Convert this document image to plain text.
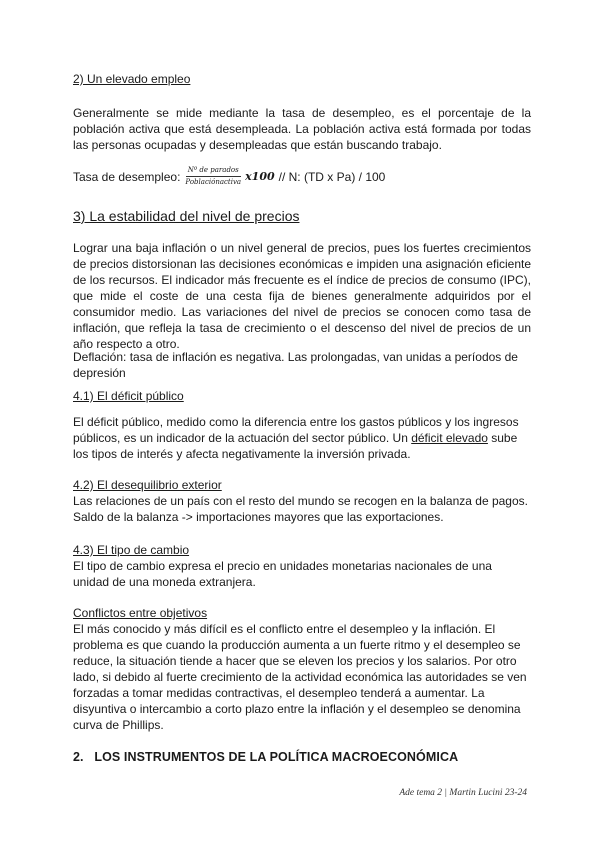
2) Un elevado empleo

Generalmente se mide mediante la tasa de desempleo, es el porcentaje de la población activa que está desempleada. La población activa está formada por todas las personas ocupadas y desempleadas que están buscando trabajo.

Tasa de desempleo: $\frac{\text{Nº de parados}}{\text{Poblaciónactiva}} x100$ // N: (TD x Pa) / 100

3) La estabilidad del nivel de precios

Lograr una baja inflación o un nivel general de precios, pues los fuertes crecimientos de precios distorsionan las decisiones económicas e impiden una asignación eficiente de los recursos. El indicador más frecuente es el índice de precios de consumo (IPC), que mide el coste de una cesta fija de bienes generalmente adquiridos por el consumidor medio. Las variaciones del nivel de precios se conocen como tasa de inflación, que refleja la tasa de crecimiento o el descenso del nivel de precios de un año respecto a otro.

Deflación: tasa de inflación es negativa. Las prolongadas, van unidas a períodos de depresión

4.1) El déficit público

El déficit público, medido como la diferencia entre los gastos públicos y los ingresos públicos, es un indicador de la actuación del sector público. Un déficit elevado sube los tipos de interés y afecta negativamente la inversión privada.

4.2) El desequilibrio exterior

Las relaciones de un país con el resto del mundo se recogen en la balanza de pagos. Saldo de la balanza -> importaciones mayores que las exportaciones.

4.3) El tipo de cambio

El tipo de cambio expresa el precio en unidades monetarias nacionales de una unidad de una moneda extranjera.

Conflictos entre objetivos

El más conocido y más difícil es el conflicto entre el desempleo y la inflación. El problema es que cuando la producción aumenta a un fuerte ritmo y el desempleo se reduce, la situación tiende a hacer que se eleven los precios y los salarios. Por otro lado, si debido al fuerte crecimiento de la actividad económica las autoridades se ven forzadas a tomar medidas contractivas, el desempleo tenderá a aumentar. La disyuntiva o intercambio a corto plazo entre la inflación y el desempleo se denomina curva de Phillips.

2.   LOS INSTRUMENTOS DE LA POLÍTICA MACROECONÓMICA

Ade tema 2 | Martin Lucini 23-24
